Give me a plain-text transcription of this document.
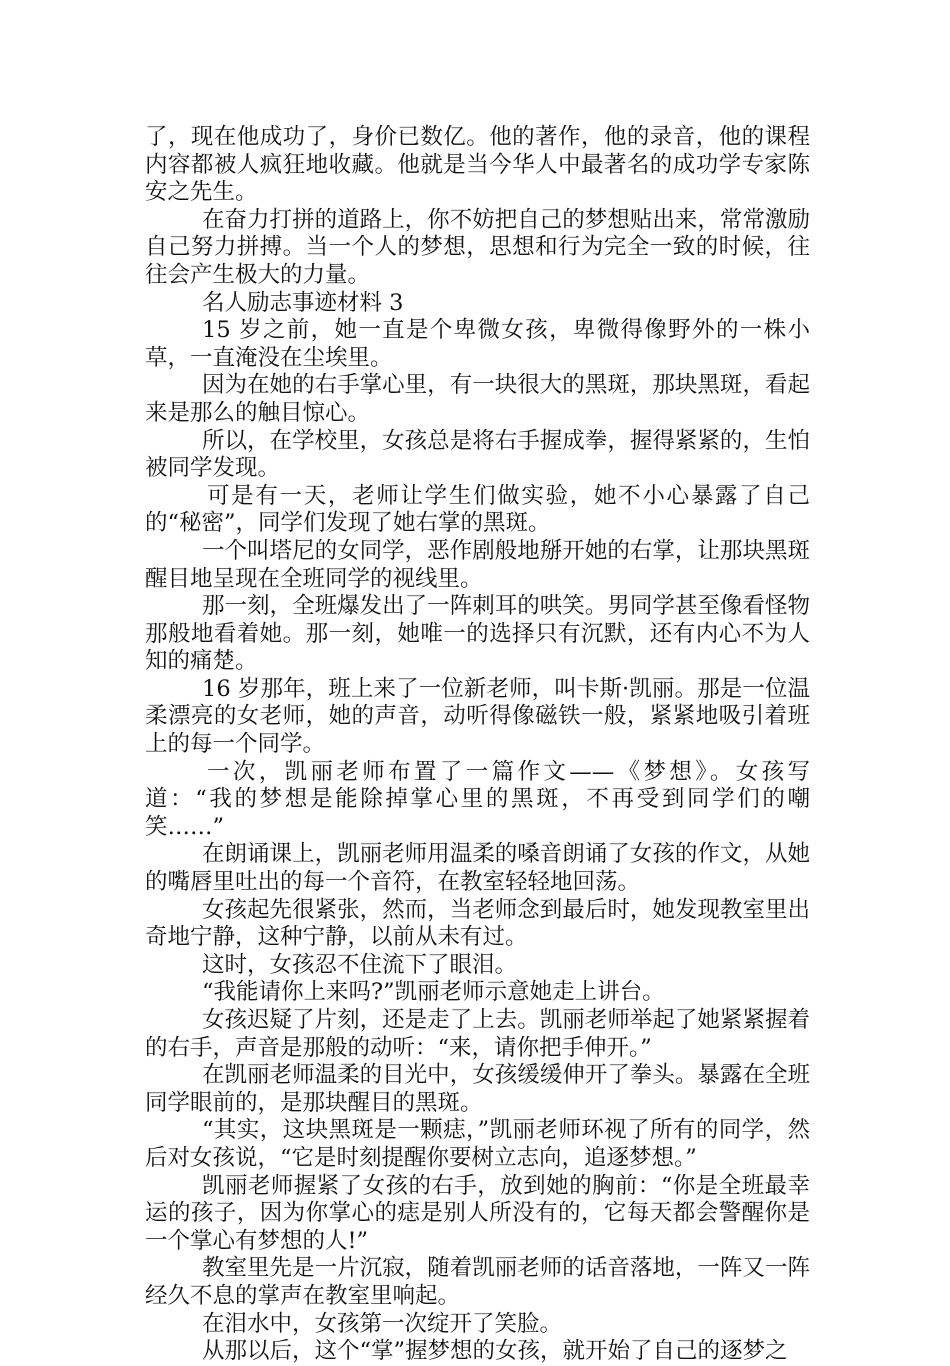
了，现在他成功了，身价已数亿。他的著作，他的录音，他的课程内容都被人疯狂地收藏。他就是当今华人中最著名的成功学专家陈安之先生。

在奋力打拼的道路上，你不妨把自己的梦想贴出来，常常激励自己努力拼搏。当一个人的梦想，思想和行为完全一致的时候，往往会产生极大的力量。

名人励志事迹材料 3

15 岁之前，她一直是个卑微女孩，卑微得像野外的一株小草，一直淹没在尘埃里。

因为在她的右手掌心里，有一块很大的黑斑，那块黑斑，看起来是那么的触目惊心。

所以，在学校里，女孩总是将右手握成拳，握得紧紧的，生怕被同学发现。

可是有一天，老师让学生们做实验，她不小心暴露了自己的“秘密”，同学们发现了她右掌的黑斑。

一个叫塔尼的女同学，恶作剧般地掰开她的右掌，让那块黑斑醒目地呈现在全班同学的视线里。

那一刻，全班爆发出了一阵刺耳的哄笑。男同学甚至像看怪物那般地看着她。那一刻，她唯一的选择只有沉默，还有内心不为人知的痛楚。

16 岁那年，班上来了一位新老师，叫卡斯·凯丽。那是一位温柔漂亮的女老师，她的声音，动听得像磁铁一般，紧紧地吸引着班上的每一个同学。

一次，凯丽老师布置了一篇作文——《梦想》。女孩写道：“我的梦想是能除掉掌心里的黑斑，不再受到同学们的嘲笑……”

在朗诵课上，凯丽老师用温柔的嗓音朗诵了女孩的作文，从她的嘴唇里吐出的每一个音符，在教室轻轻地回荡。

女孩起先很紧张，然而，当老师念到最后时，她发现教室里出奇地宁静，这种宁静，以前从未有过。

这时，女孩忍不住流下了眼泪。

“我能请你上来吗?”凯丽老师示意她走上讲台。

女孩迟疑了片刻，还是走了上去。凯丽老师举起了她紧紧握着的右手，声音是那般的动听：“来，请你把手伸开。”

在凯丽老师温柔的目光中，女孩缓缓伸开了拳头。暴露在全班同学眼前的，是那块醒目的黑斑。

“其实，这块黑斑是一颗痣，”凯丽老师环视了所有的同学，然后对女孩说，“它是时刻提醒你要树立志向，追逐梦想。”

凯丽老师握紧了女孩的右手，放到她的胸前：“你是全班最幸运的孩子，因为你掌心的痣是别人所没有的，它每天都会警醒你是一个掌心有梦想的人!”

教室里先是一片沉寂，随着凯丽老师的话音落地，一阵又一阵经久不息的掌声在教室里响起。

在泪水中，女孩第一次绽开了笑脸。

从那以后，这个“掌”握梦想的女孩，就开始了自己的逐梦之
